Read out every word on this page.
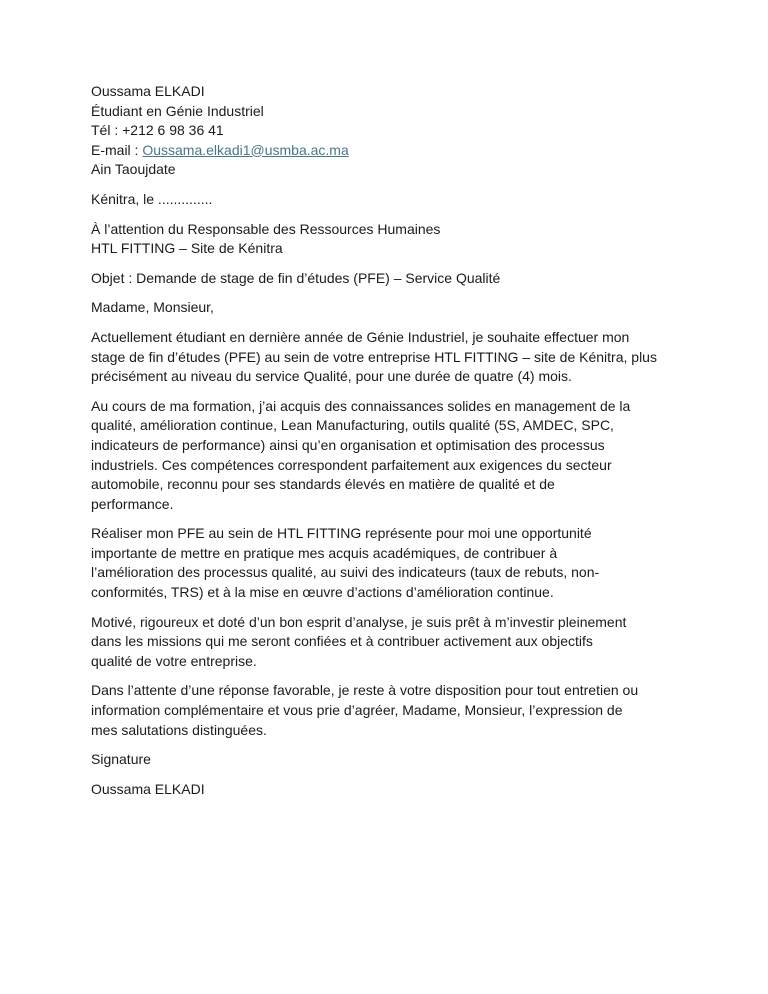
Oussama ELKADI
Étudiant en Génie Industriel
Tél : +212 6 98 36 41
E-mail : Oussama.elkadi1@usmba.ac.ma
Ain Taoujdate
Kénitra, le ..............
À l’attention du Responsable des Ressources Humaines
HTL FITTING – Site de Kénitra
Objet : Demande de stage de fin d’études (PFE) – Service Qualité
Madame, Monsieur,
Actuellement étudiant en dernière année de Génie Industriel, je souhaite effectuer mon
stage de fin d’études (PFE) au sein de votre entreprise HTL FITTING – site de Kénitra, plus
précisément au niveau du service Qualité, pour une durée de quatre (4) mois.
Au cours de ma formation, j’ai acquis des connaissances solides en management de la
qualité, amélioration continue, Lean Manufacturing, outils qualité (5S, AMDEC, SPC,
indicateurs de performance) ainsi qu’en organisation et optimisation des processus
industriels. Ces compétences correspondent parfaitement aux exigences du secteur
automobile, reconnu pour ses standards élevés en matière de qualité et de
performance.
Réaliser mon PFE au sein de HTL FITTING représente pour moi une opportunité
importante de mettre en pratique mes acquis académiques, de contribuer à
l’amélioration des processus qualité, au suivi des indicateurs (taux de rebuts, non-
conformités, TRS) et à la mise en œuvre d’actions d’amélioration continue.
Motivé, rigoureux et doté d’un bon esprit d’analyse, je suis prêt à m’investir pleinement
dans les missions qui me seront confiées et à contribuer activement aux objectifs
qualité de votre entreprise.
Dans l’attente d’une réponse favorable, je reste à votre disposition pour tout entretien ou
information complémentaire et vous prie d’agréer, Madame, Monsieur, l’expression de
mes salutations distinguées.
Signature
Oussama ELKADI
